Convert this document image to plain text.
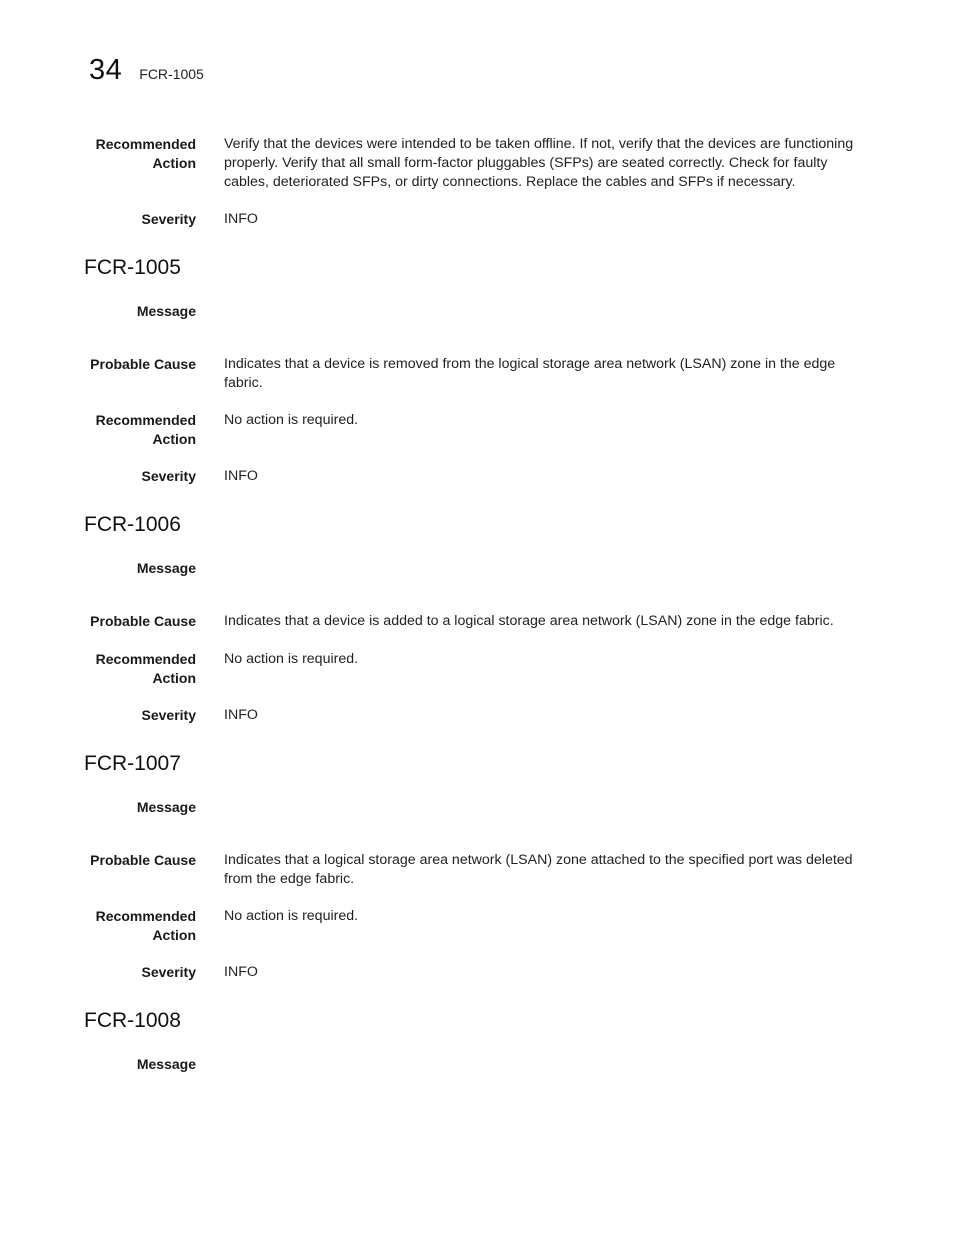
34 FCR-1005
Recommended
Action
Verify that the devices were intended to be taken offline. If not, verify that the devices are functioning properly. Verify that all small form-factor pluggables (SFPs) are seated correctly. Check for faulty cables, deteriorated SFPs, or dirty connections. Replace the cables and SFPs if necessary.
Severity INFO
FCR-1005
Message
Probable Cause Indicates that a device is removed from the logical storage area network (LSAN) zone in the edge fabric.
Recommended
Action
No action is required.
Severity INFO
FCR-1006
Message
Probable Cause Indicates that a device is added to a logical storage area network (LSAN) zone in the edge fabric.
Recommended
Action
No action is required.
Severity INFO
FCR-1007
Message
Probable Cause Indicates that a logical storage area network (LSAN) zone attached to the specified port was deleted from the edge fabric.
Recommended
Action
No action is required.
Severity INFO
FCR-1008
Message
